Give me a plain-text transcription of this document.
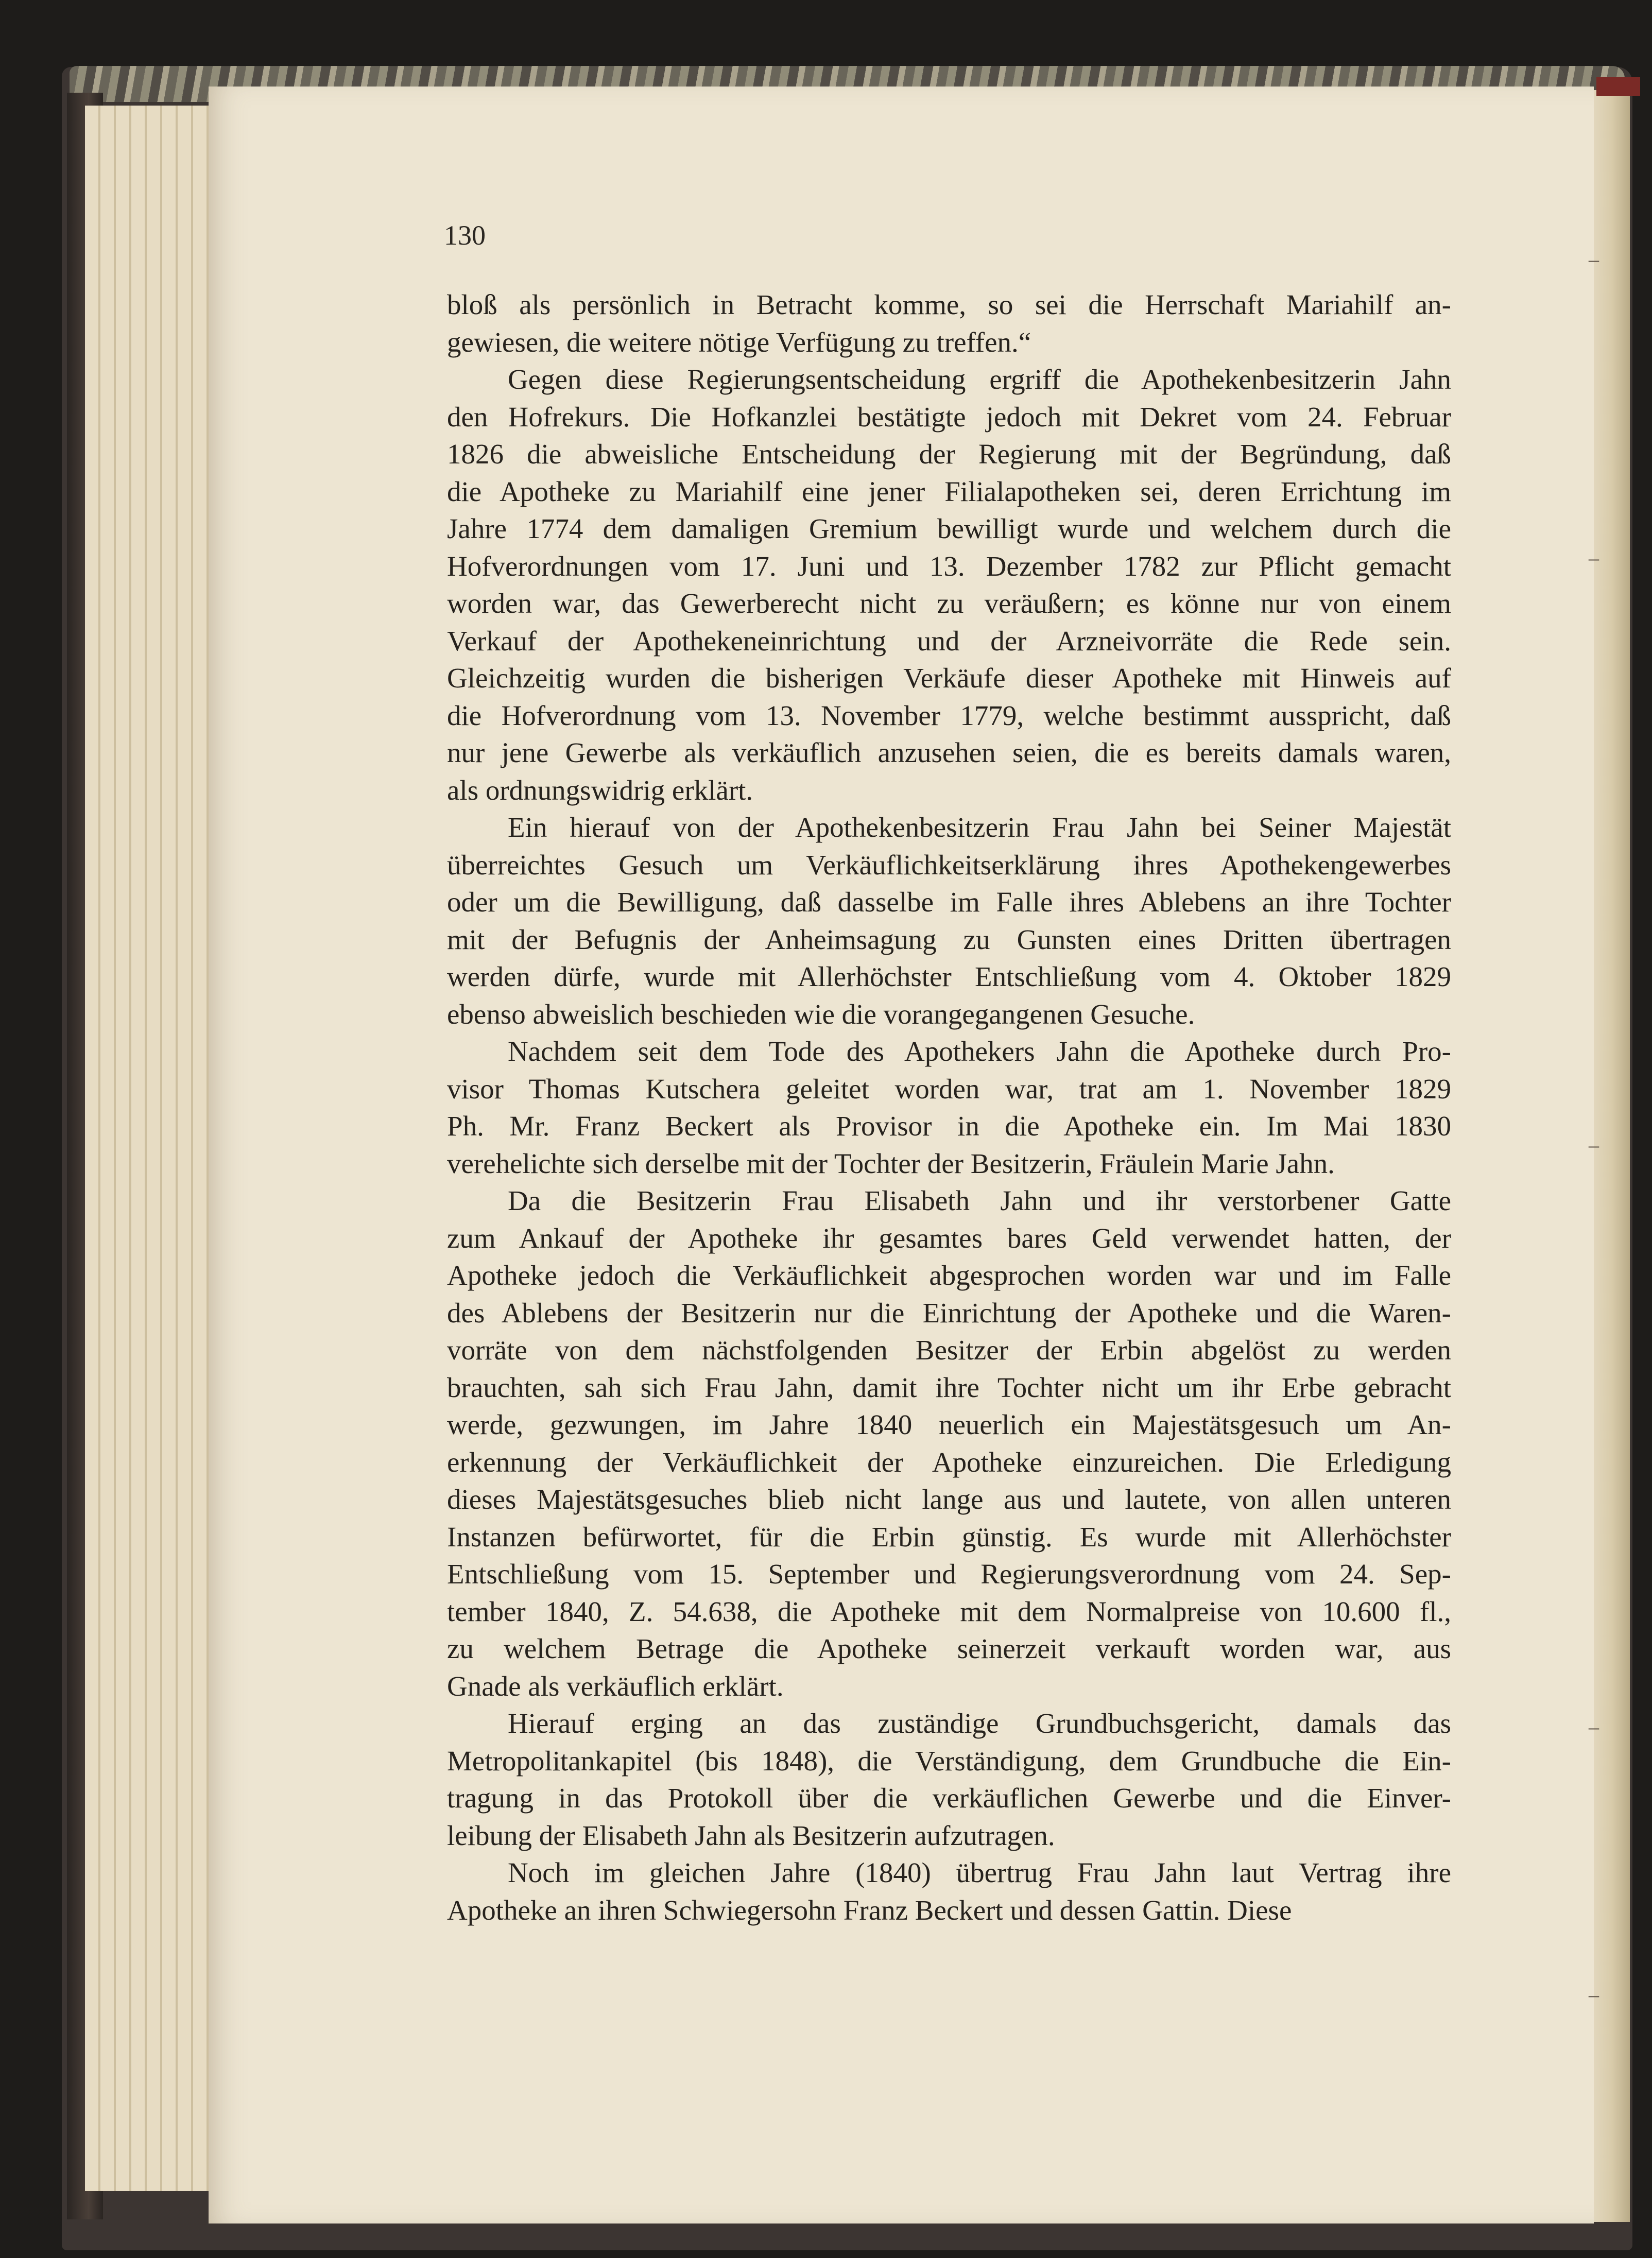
130

bloß als persönlich in Betracht komme, so sei die Herrschaft Mariahilf an-

gewiesen, die weitere nötige Verfügung zu treffen.“

Gegen diese Regierungsentscheidung ergriff die Apothekenbesitzerin Jahn

den Hofrekurs. Die Hofkanzlei bestätigte jedoch mit Dekret vom 24. Februar

1826 die abweisliche Entscheidung der Regierung mit der Begründung, daß

die Apotheke zu Mariahilf eine jener Filialapotheken sei, deren Errichtung im

Jahre 1774 dem damaligen Gremium bewilligt wurde und welchem durch die

Hofverordnungen vom 17. Juni und 13. Dezember 1782 zur Pflicht gemacht

worden war, das Gewerberecht nicht zu veräußern; es könne nur von einem

Verkauf der Apothekeneinrichtung und der Arzneivorräte die Rede sein.

Gleichzeitig wurden die bisherigen Verkäufe dieser Apotheke mit Hinweis auf

die Hofverordnung vom 13. November 1779, welche bestimmt ausspricht, daß

nur jene Gewerbe als verkäuflich anzusehen seien, die es bereits damals waren,

als ordnungswidrig erklärt.

Ein hierauf von der Apothekenbesitzerin Frau Jahn bei Seiner Majestät

überreichtes Gesuch um Verkäuflichkeitserklärung ihres Apothekengewerbes

oder um die Bewilligung, daß dasselbe im Falle ihres Ablebens an ihre Tochter

mit der Befugnis der Anheimsagung zu Gunsten eines Dritten übertragen

werden dürfe, wurde mit Allerhöchster Entschließung vom 4. Oktober 1829

ebenso abweislich beschieden wie die vorangegangenen Gesuche.

Nachdem seit dem Tode des Apothekers Jahn die Apotheke durch Pro-

visor Thomas Kutschera geleitet worden war, trat am 1. November 1829

Ph. Mr. Franz Beckert als Provisor in die Apotheke ein. Im Mai 1830

verehelichte sich derselbe mit der Tochter der Besitzerin, Fräulein Marie Jahn.

Da die Besitzerin Frau Elisabeth Jahn und ihr verstorbener Gatte

zum Ankauf der Apotheke ihr gesamtes bares Geld verwendet hatten, der

Apotheke jedoch die Verkäuflichkeit abgesprochen worden war und im Falle

des Ablebens der Besitzerin nur die Einrichtung der Apotheke und die Waren-

vorräte von dem nächstfolgenden Besitzer der Erbin abgelöst zu werden

brauchten, sah sich Frau Jahn, damit ihre Tochter nicht um ihr Erbe gebracht

werde, gezwungen, im Jahre 1840 neuerlich ein Majestätsgesuch um An-

erkennung der Verkäuflichkeit der Apotheke einzureichen. Die Erledigung

dieses Majestätsgesuches blieb nicht lange aus und lautete, von allen unteren

Instanzen befürwortet, für die Erbin günstig. Es wurde mit Allerhöchster

Entschließung vom 15. September und Regierungsverordnung vom 24. Sep-

tember 1840, Z. 54.638, die Apotheke mit dem Normalpreise von 10.600 fl.,

zu welchem Betrage die Apotheke seinerzeit verkauft worden war, aus

Gnade als verkäuflich erklärt.

Hierauf erging an das zuständige Grundbuchsgericht, damals das

Metropolitankapitel (bis 1848), die Verständigung, dem Grundbuche die Ein-

tragung in das Protokoll über die verkäuflichen Gewerbe und die Einver-

leibung der Elisabeth Jahn als Besitzerin aufzutragen.

Noch im gleichen Jahre (1840) übertrug Frau Jahn laut Vertrag ihre

Apotheke an ihren Schwiegersohn Franz Beckert und dessen Gattin. Diese

–
–
–
–
–
